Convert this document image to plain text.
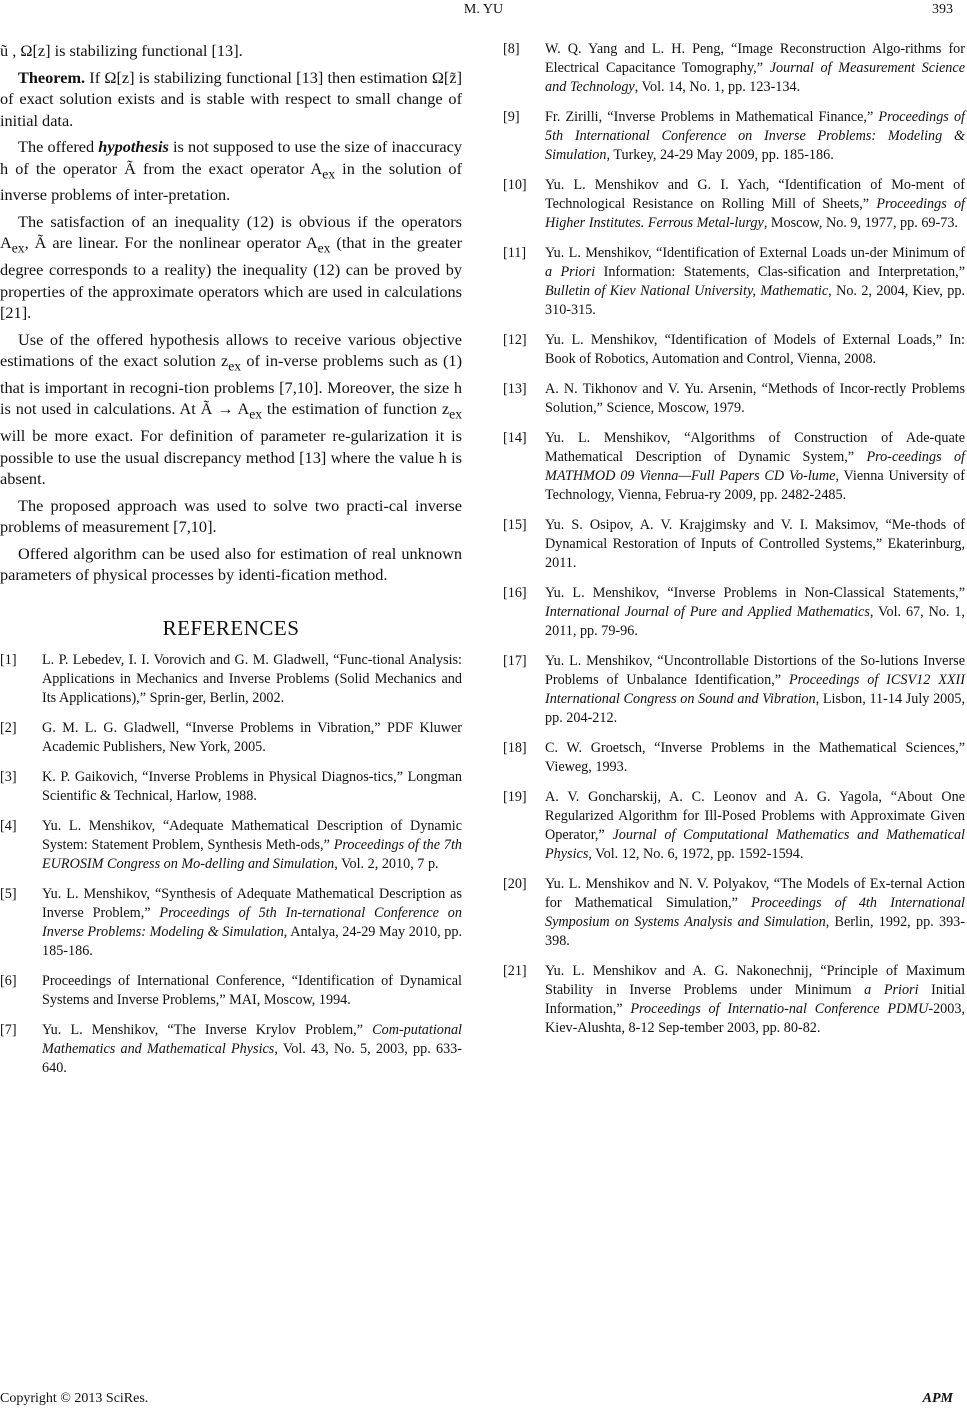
M. YU	393

ũ , Ω[z] is stabilizing functional [13].

Theorem. If Ω[z] is stabilizing functional [13] then estimation Ω[z̃] of exact solution exists and is stable with respect to small change of initial data.

The offered hypothesis is not supposed to use the size of inaccuracy h of the operator Ã from the exact operator $A_{ex}$ in the solution of inverse problems of inter-pretation.

The satisfaction of an inequality (12) is obvious if the operators $A_{ex}$, Ã are linear. For the nonlinear operator $A_{ex}$ (that in the greater degree corresponds to a reality) the inequality (12) can be proved by properties of the approximate operators which are used in calculations [21].

Use of the offered hypothesis allows to receive various objective estimations of the exact solution $z_{ex}$ of in-verse problems such as (1) that is important in recogni-tion problems [7,10]. Moreover, the size h is not used in calculations. At Ã → $A_{ex}$ the estimation of function $z_{ex}$ will be more exact. For definition of parameter re-gularization it is possible to use the usual discrepancy method [13] where the value h is absent.

The proposed approach was used to solve two practi-cal inverse problems of measurement [7,10].

Offered algorithm can be used also for estimation of real unknown parameters of physical processes by identi-fication method.

REFERENCES
[1]	L. P. Lebedev, I. I. Vorovich and G. M. Gladwell, “Func-tional Analysis: Applications in Mechanics and Inverse Problems (Solid Mechanics and Its Applications),” Sprin-ger, Berlin, 2002.
[2]	G. M. L. G. Gladwell, “Inverse Problems in Vibration,” PDF Kluwer Academic Publishers, New York, 2005.
[3]	K. P. Gaikovich, “Inverse Problems in Physical Diagnos-tics,” Longman Scientific & Technical, Harlow, 1988.
[4]	Yu. L. Menshikov, “Adequate Mathematical Description of Dynamic System: Statement Problem, Synthesis Meth-ods,” Proceedings of the 7th EUROSIM Congress on Mo-delling and Simulation, Vol. 2, 2010, 7 p.
[5]	Yu. L. Menshikov, “Synthesis of Adequate Mathematical Description as Inverse Problem,” Proceedings of 5th In-ternational Conference on Inverse Problems: Modeling & Simulation, Antalya, 24-29 May 2010, pp. 185-186.
[6]	Proceedings of International Conference, “Identification of Dynamical Systems and Inverse Problems,” MAI, Moscow, 1994.
[7]	Yu. L. Menshikov, “The Inverse Krylov Problem,” Com-putational Mathematics and Mathematical Physics, Vol. 43, No. 5, 2003, pp. 633-640.
[8]	W. Q. Yang and L. H. Peng, “Image Reconstruction Algo-rithms for Electrical Capacitance Tomography,” Journal of Measurement Science and Technology, Vol. 14, No. 1, pp. 123-134.
[9]	Fr. Zirilli, “Inverse Problems in Mathematical Finance,” Proceedings of 5th International Conference on Inverse Problems: Modeling & Simulation, Turkey, 24-29 May 2009, pp. 185-186.
[10]	Yu. L. Menshikov and G. I. Yach, “Identification of Mo-ment of Technological Resistance on Rolling Mill of Sheets,” Proceedings of Higher Institutes. Ferrous Metal-lurgy, Moscow, No. 9, 1977, pp. 69-73.
[11]	Yu. L. Menshikov, “Identification of External Loads un-der Minimum of a Priori Information: Statements, Clas-sification and Interpretation,” Bulletin of Kiev National University, Mathematic, No. 2, 2004, Kiev, pp. 310-315.
[12]	Yu. L. Menshikov, “Identification of Models of External Loads,” In: Book of Robotics, Automation and Control, Vienna, 2008.
[13]	A. N. Tikhonov and V. Yu. Arsenin, “Methods of Incor-rectly Problems Solution,” Science, Moscow, 1979.
[14]	Yu. L. Menshikov, “Algorithms of Construction of Ade-quate Mathematical Description of Dynamic System,” Pro-ceedings of MATHMOD 09 Vienna—Full Papers CD Vo-lume, Vienna University of Technology, Vienna, Februa-ry 2009, pp. 2482-2485.
[15]	Yu. S. Osipov, A. V. Krajgimsky and V. I. Maksimov, “Me-thods of Dynamical Restoration of Inputs of Controlled Systems,” Ekaterinburg, 2011.
[16]	Yu. L. Menshikov, “Inverse Problems in Non-Classical Statements,” International Journal of Pure and Applied Mathematics, Vol. 67, No. 1, 2011, pp. 79-96.
[17]	Yu. L. Menshikov, “Uncontrollable Distortions of the So-lutions Inverse Problems of Unbalance Identification,” Proceedings of ICSV12 XXII International Congress on Sound and Vibration, Lisbon, 11-14 July 2005, pp. 204-212.
[18]	C. W. Groetsch, “Inverse Problems in the Mathematical Sciences,” Vieweg, 1993.
[19]	A. V. Goncharskij, A. C. Leonov and A. G. Yagola, “About One Regularized Algorithm for Ill-Posed Problems with Approximate Given Operator,” Journal of Computational Mathematics and Mathematical Physics, Vol. 12, No. 6, 1972, pp. 1592-1594.
[20]	Yu. L. Menshikov and N. V. Polyakov, “The Models of Ex-ternal Action for Mathematical Simulation,” Proceedings of 4th International Symposium on Systems Analysis and Simulation, Berlin, 1992, pp. 393-398.
[21]	Yu. L. Menshikov and A. G. Nakonechnij, “Principle of Maximum Stability in Inverse Problems under Minimum a Priori Initial Information,” Proceedings of Internatio-nal Conference PDMU-2003, Kiev-Alushta, 8-12 Sep-tember 2003, pp. 80-82.
Copyright © 2013 SciRes.	APM
